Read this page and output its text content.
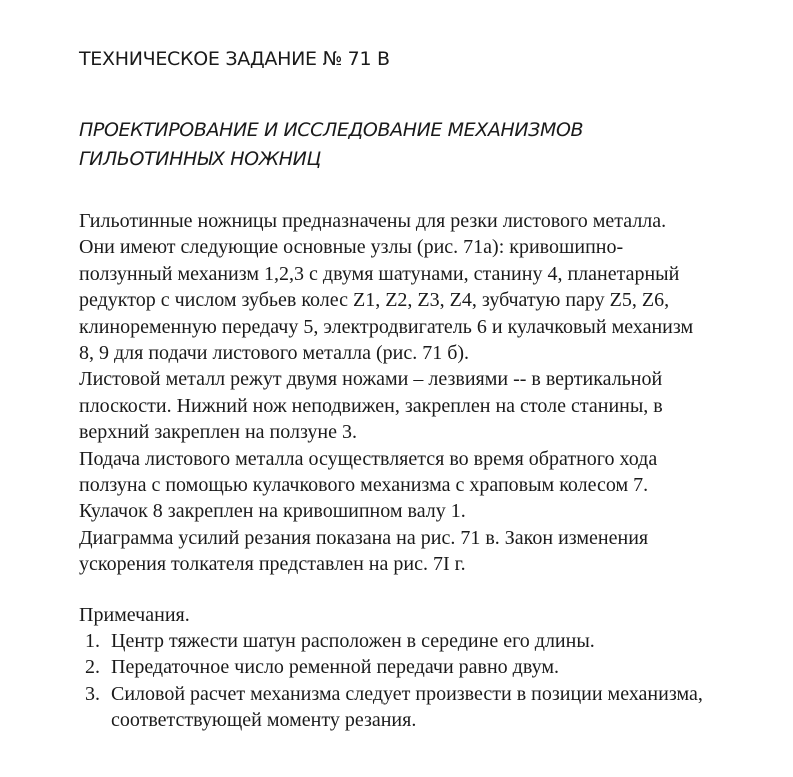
ТЕХНИЧЕСКОЕ ЗАДАНИЕ № 71 В
ПРОЕКТИРОВАНИЕ И ИССЛЕДОВАНИЕ МЕХАНИЗМОВ
ГИЛЬОТИННЫХ НОЖНИЦ
Гильотинные ножницы предназначены для резки листового металла.
Они имеют следующие основные узлы (рис. 71а): кривошипно-
ползунный механизм 1,2,3 с двумя шатунами, станину 4, планетарный
редуктор с числом зубьев колес Z1, Z2, Z3, Z4, зубчатую пару Z5, Z6,
клиноременную передачу 5, электродвигатель 6 и кулачковый механизм
8, 9 для подачи листового металла (рис. 71 б).
Листовой металл режут двумя ножами – лезвиями -- в вертикальной
плоскости. Нижний нож неподвижен, закреплен на столе станины, в
верхний закреплен на ползуне 3.
Подача листового металла осуществляется во время обратного хода
ползуна с помощью кулачкового механизма с храповым колесом 7.
Кулачок 8 закреплен на кривошипном валу 1.
Диаграмма усилий резания показана на рис. 71 в. Закон изменения
ускорения толкателя представлен на рис. 7I г.
Примечания.
1. Центр тяжести шатун расположен в середине его длины.
2. Передаточное число ременной передачи равно двум.
3. Силовой расчет механизма следует произвести в позиции механизма,
соответствующей моменту резания.
